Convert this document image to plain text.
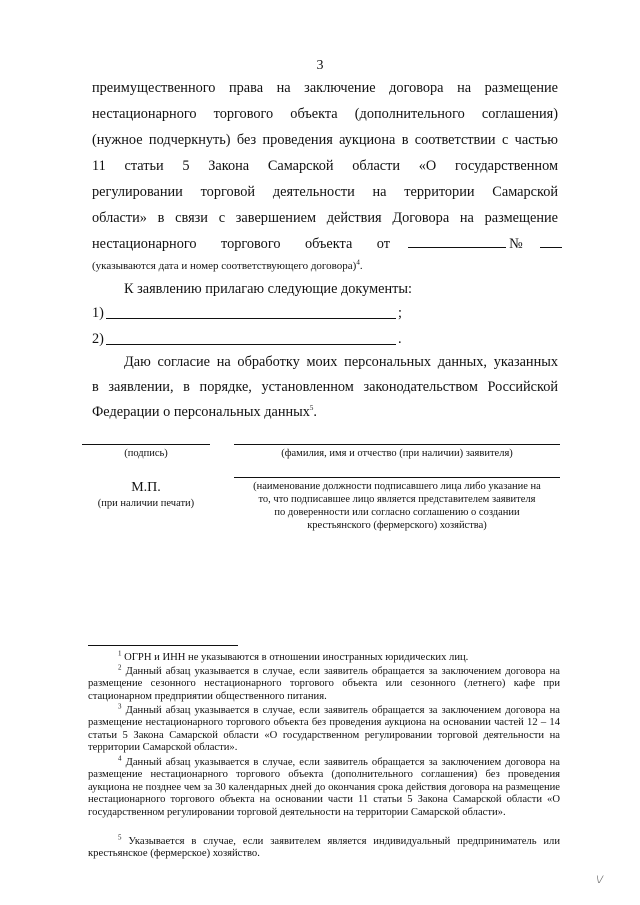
3
преимущественного права на заключение договора на размещение
нестационарного торгового объекта (дополнительного соглашения)
(нужное подчеркнуть) без проведения аукциона в соответствии с частью
11 статьи 5 Закона Самарской области «О государственном
регулировании торговой деятельности на территории Самарской
области» в связи с завершением действия Договора на размещение
нестационарного торгового объекта от	№
(указываются дата и номер соответствующего договора)$^4$.
К заявлению прилагаю следующие документы:
1)	;
2)	.
Даю согласие на обработку моих персональных данных, указанных
в заявлении, в порядке, установленном законодательством Российской
Федерации о персональных данных$^5$.
(подпись)	(фамилия, имя и отчество (при наличии) заявителя)
М.П.
(при наличии печати)
(наименование должности подписавшего лица либо указание на
то, что подписавшее лицо является представителем заявителя
по доверенности или согласно соглашению о создании
крестьянского (фермерского) хозяйства)
$^1$ ОГРН и ИНН не указываются в отношении иностранных юридических лиц.
$^2$ Данный абзац указывается в случае, если заявитель обращается за заключением договора на размещение сезонного нестационарного торгового объекта или сезонного (летнего) кафе при стационарном предприятии общественного питания.
$^3$ Данный абзац указывается в случае, если заявитель обращается за заключением договора на размещение нестационарного торгового объекта без проведения аукциона на основании частей 12 – 14 статьи 5 Закона Самарской области «О государственном регулировании торговой деятельности на территории Самарской области».
$^4$ Данный абзац указывается в случае, если заявитель обращается за заключением договора на размещение нестационарного торгового объекта (дополнительного соглашения) без проведения аукциона не позднее чем за 30 календарных дней до окончания срока действия договора на размещение нестационарного торгового объекта на основании части 11 статьи 5 Закона Самарской области «О государственном регулировании торговой деятельности на территории Самарской области».
$^5$ Указывается в случае, если заявителем является индивидуальный предприниматель или крестьянское (фермерское) хозяйство.
\/
